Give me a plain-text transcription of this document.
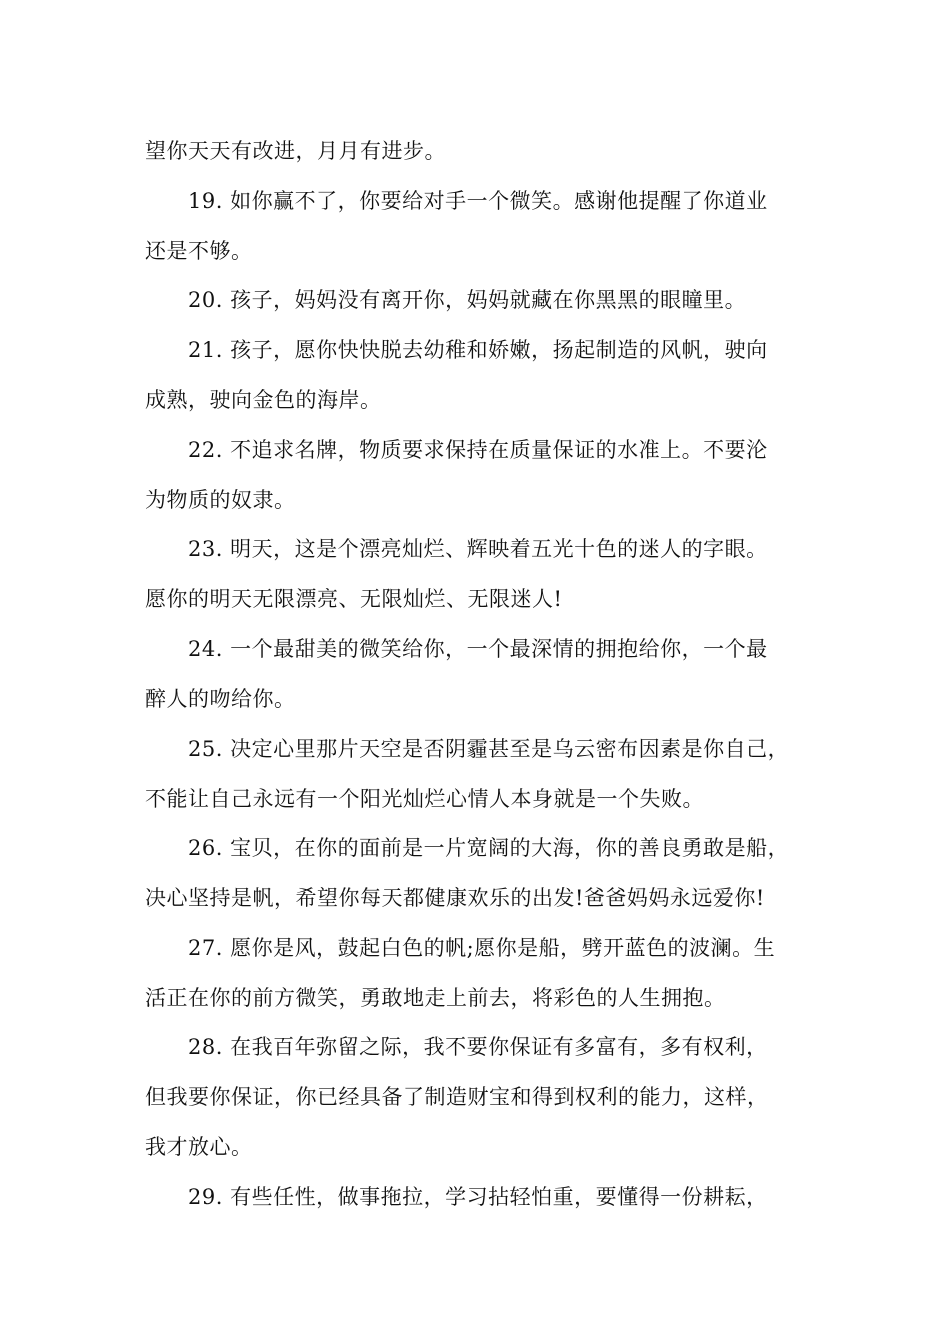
望你天天有改进，月月有进步。
19. 如你赢不了，你要给对手一个微笑。感谢他提醒了你道业
还是不够。
20. 孩子，妈妈没有离开你，妈妈就藏在你黑黑的眼瞳里。
21. 孩子，愿你快快脱去幼稚和娇嫩，扬起制造的风帆，驶向
成熟，驶向金色的海岸。
22. 不追求名牌，物质要求保持在质量保证的水准上。不要沦
为物质的奴隶。
23. 明天，这是个漂亮灿烂、辉映着五光十色的迷人的字眼。
愿你的明天无限漂亮、无限灿烂、无限迷人!
24. 一个最甜美的微笑给你，一个最深情的拥抱给你，一个最
醉人的吻给你。
25. 决定心里那片天空是否阴霾甚至是乌云密布因素是你自己，
不能让自己永远有一个阳光灿烂心情人本身就是一个失败。
26. 宝贝，在你的面前是一片宽阔的大海，你的善良勇敢是船，
决心坚持是帆，希望你每天都健康欢乐的出发!爸爸妈妈永远爱你!
27. 愿你是风，鼓起白色的帆;愿你是船，劈开蓝色的波澜。生
活正在你的前方微笑，勇敢地走上前去，将彩色的人生拥抱。
28. 在我百年弥留之际，我不要你保证有多富有，多有权利，
但我要你保证，你已经具备了制造财宝和得到权利的能力，这样，
我才放心。
29. 有些任性，做事拖拉，学习拈轻怕重，要懂得一份耕耘，
